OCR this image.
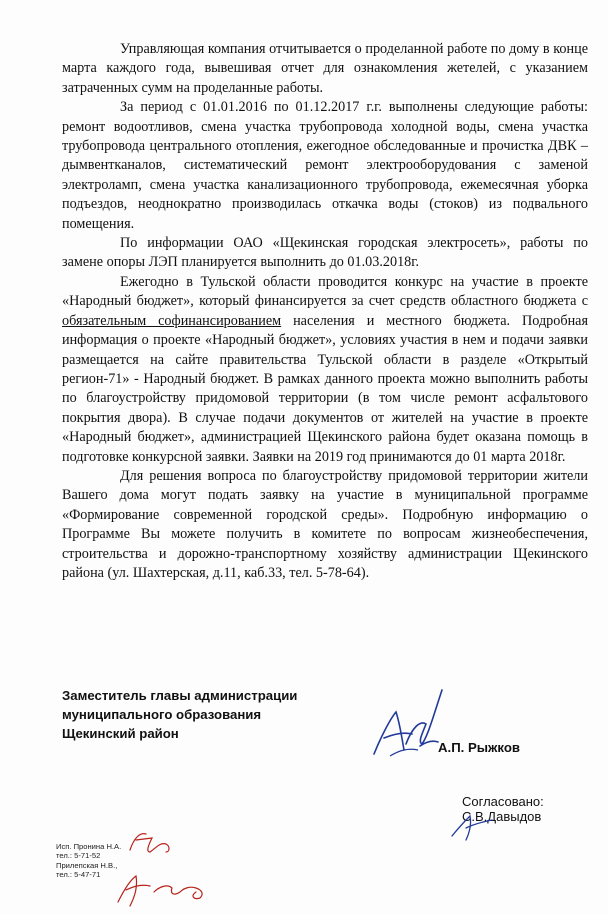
Управляющая компания отчитывается о проделанной работе по дому в конце марта каждого года, вывешивая отчет для ознакомления жетелей, с указанием затраченных сумм на проделанные работы.

За период с 01.01.2016 по 01.12.2017 г.г. выполнены следующие работы: ремонт водоотливов, смена участка трубопровода холодной воды, смена участка трубопровода центрального отопления, ежегодное обследованные и прочистка ДВК – дымвентканалов, систематический ремонт электрооборудования с заменой электроламп, смена участка канализационного трубопровода, ежемесячная уборка подъездов, неоднократно производилась откачка воды (стоков) из подвального помещения.

По информации ОАО «Щекинская городская электросеть», работы по замене опоры ЛЭП планируется выполнить до 01.03.2018г.

Ежегодно в Тульской области проводится конкурс на участие в проекте «Народный бюджет», который финансируется за счет средств областного бюджета с обязательным софинансированием населения и местного бюджета. Подробная информация о проекте «Народный бюджет», условиях участия в нем и подачи заявки размещается на сайте правительства Тульской области в разделе «Открытый регион-71» - Народный бюджет. В рамках данного проекта можно выполнить работы по благоустройству придомовой территории (в том числе ремонт асфальтового покрытия двора). В случае подачи документов от жителей на участие в проекте «Народный бюджет», администрацией Щекинского района будет оказана помощь в подготовке конкурсной заявки. Заявки на 2019 год принимаются до 01 марта 2018г.

Для решения вопроса по благоустройству придомовой территории жители Вашего дома могут подать заявку на участие в муниципальной программе «Формирование современной городской среды». Подробную информацию о Программе Вы можете получить в комитете по вопросам жизнеобеспечения, строительства и дорожно-транспортному хозяйству администрации Щекинского района (ул. Шахтерская, д.11, каб.33, тел. 5-78-64).

Заместитель главы администрации
муниципального образования
Щекинский район
А.П. Рыжков
Согласовано:
С.В.Давыдов
Исп. Пронина Н.А.
тел.: 5-71-52
Прилепская Н.В.,
тел.: 5-47-71
